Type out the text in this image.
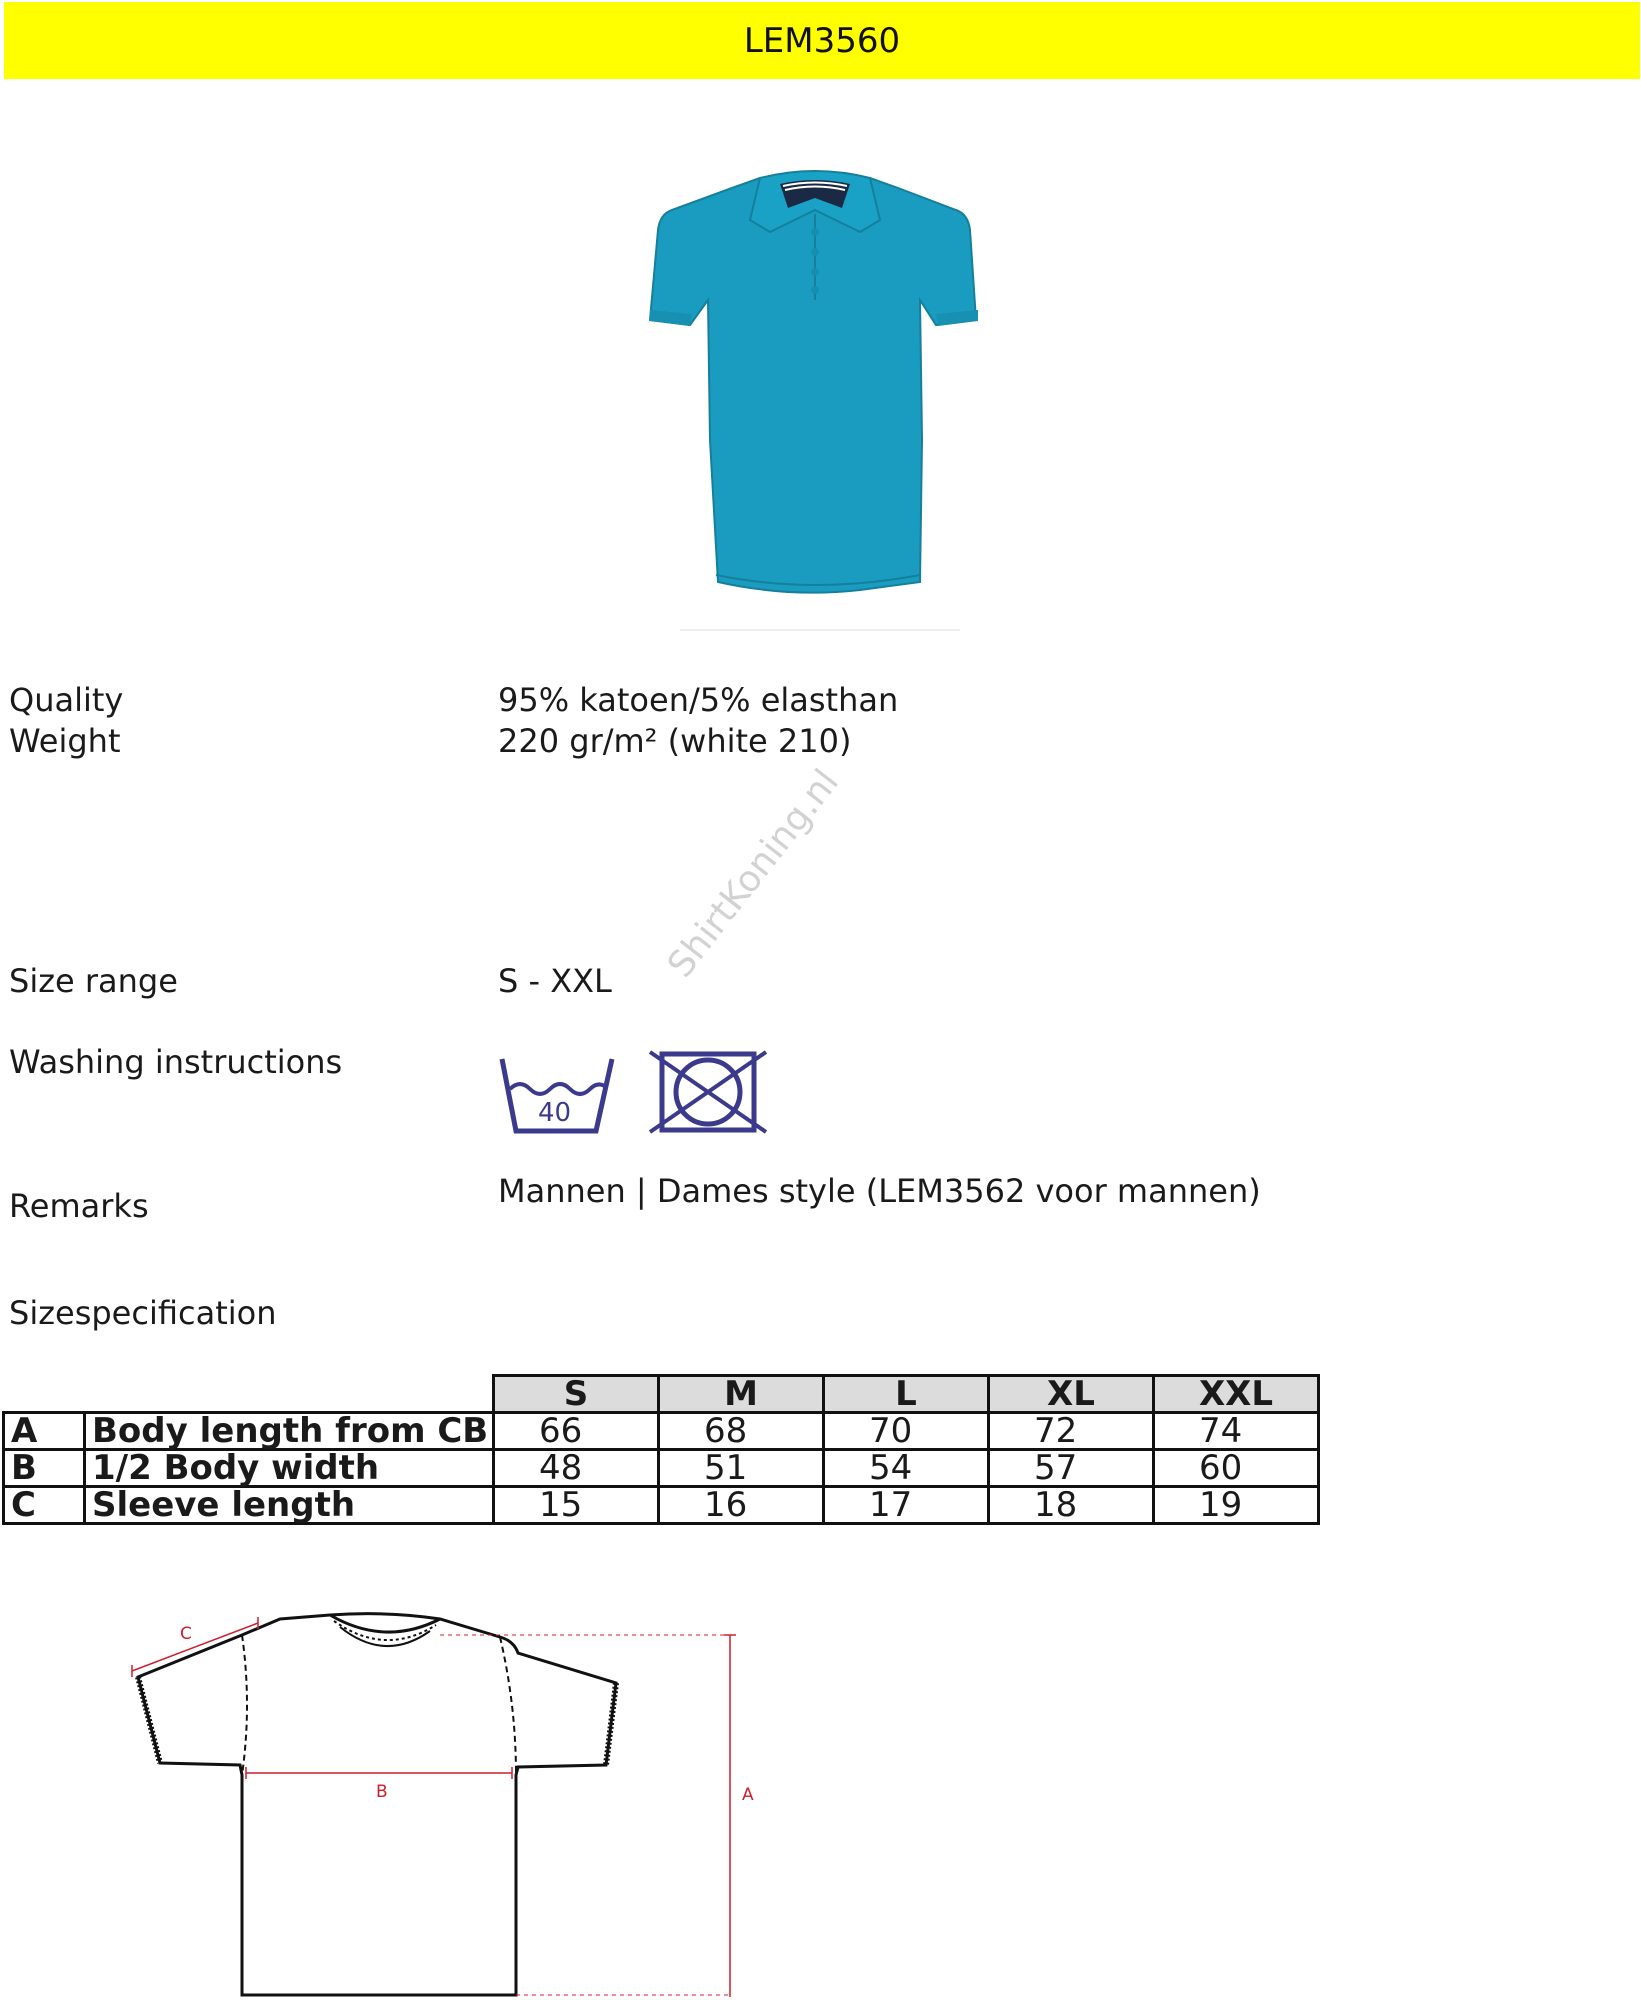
LEM3560
Quality	95% katoen/5% elasthan
Weight	220 gr/m² (white 210)
Size range	S - XXL
Washing instructions
40
ShirtKoning.nl
Mannen | Dames style (LEM3562 voor mannen)
Remarks
Sizespecification
		S	M	L	XL	XXL
A	Body length from CB	66	68	70	72	74
B	1/2 Body width	48	51	54	57	60
C	Sleeve length	15	16	17	18	19
C
B	A
